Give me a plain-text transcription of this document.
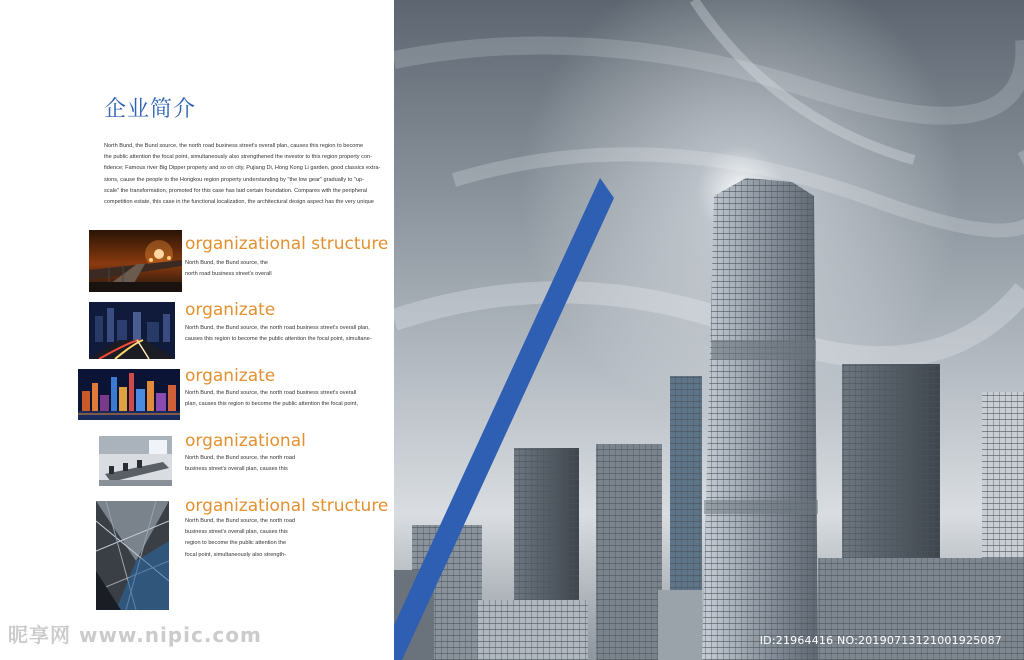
企业简介

North Bund, the Bund source, the north road business street's overall plan, causes this region to become

the public attention the focal point, simultaneously also strengthened the investor to this region property con-

fidence; Famous river Big Dipper property and so on city, Pujiang Di, Hong Kong Li garden, good classics extra-

sions, cause the people to the Hongkou region property understanding by "the low gear" gradually to "up-

scale" the transformation, promoted for this case has laid certain foundation. Compares with the peripheral

competition estate, this case in the functional localization, the architectural design aspect has the very unique

organizational structure
North Bund, the Bund source, the
north road business street's overall
organizate
North Bund, the Bund source, the north road business street's overall plan,
causes this region to become the public attention the focal point, simultane-
organizate
North Bund, the Bund source, the north road business street's overall
plan, causes this region to become the public attention the focal point,
organizational
North Bund, the Bund source, the north road
business street's overall plan, causes this
organizational structure
North Bund, the Bund source, the north road
business street's overall plan, causes this
region to become the public attention the
focal point, simultaneously also strength-
ID:21964416 NO:20190713121001925087
昵享网 www.nipic.com
